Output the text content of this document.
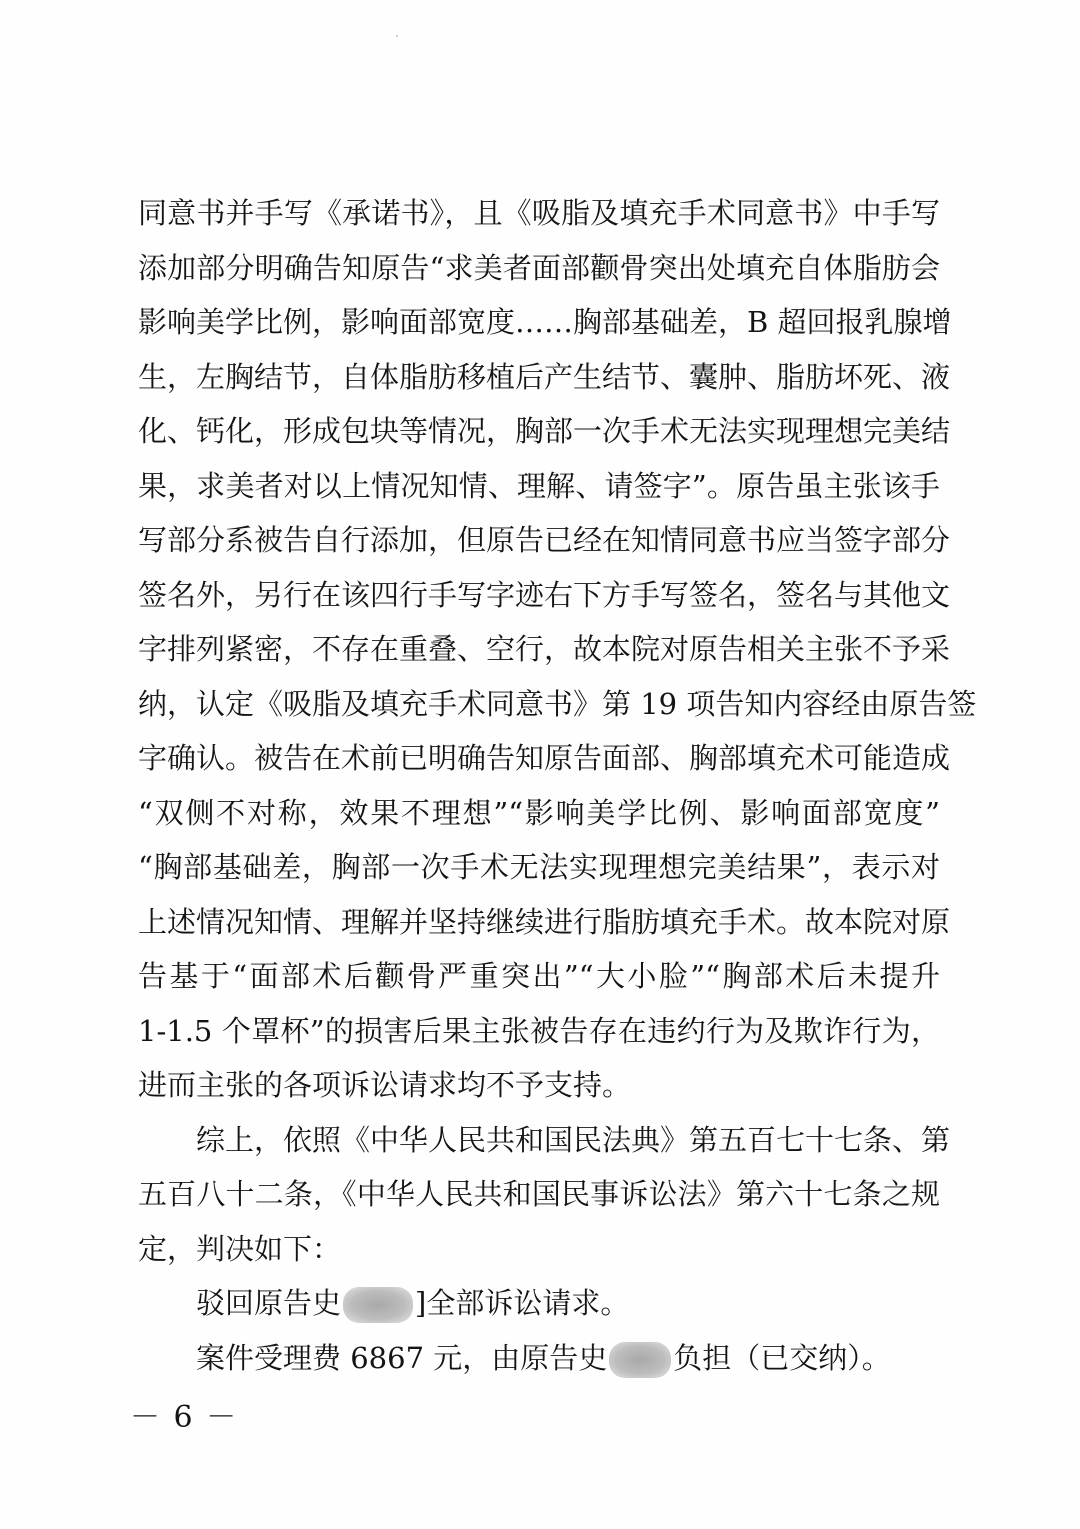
同意书并手写《承诺书》，且《吸脂及填充手术同意书》中手写
添加部分明确告知原告“求美者面部颧骨突出处填充自体脂肪会
影响美学比例，影响面部宽度……胸部基础差，B 超回报乳腺增
生，左胸结节，自体脂肪移植后产生结节、囊肿、脂肪坏死、液
化、钙化，形成包块等情况，胸部一次手术无法实现理想完美结
果，求美者对以上情况知情、理解、请签字”。原告虽主张该手
写部分系被告自行添加，但原告已经在知情同意书应当签字部分
签名外，另行在该四行手写字迹右下方手写签名，签名与其他文
字排列紧密，不存在重叠、空行，故本院对原告相关主张不予采
纳，认定《吸脂及填充手术同意书》第 19 项告知内容经由原告签
字确认。被告在术前已明确告知原告面部、胸部填充术可能造成
“双侧不对称，效果不理想”“影响美学比例、影响面部宽度”
“胸部基础差，胸部一次手术无法实现理想完美结果”，表示对
上述情况知情、理解并坚持继续进行脂肪填充手术。故本院对原
告基于“面部术后颧骨严重突出”“大小脸”“胸部术后未提升
1-1.5 个罩杯”的损害后果主张被告存在违约行为及欺诈行为，
进而主张的各项诉讼请求均不予支持。
综上，依照《中华人民共和国民法典》第五百七十七条、第
五百八十二条，《中华人民共和国民事诉讼法》第六十七条之规
定，判决如下：
驳回原告史	]全部诉讼请求。
案件受理费 6867 元，由原告史 负担（已交纳）。
－ 6 －
